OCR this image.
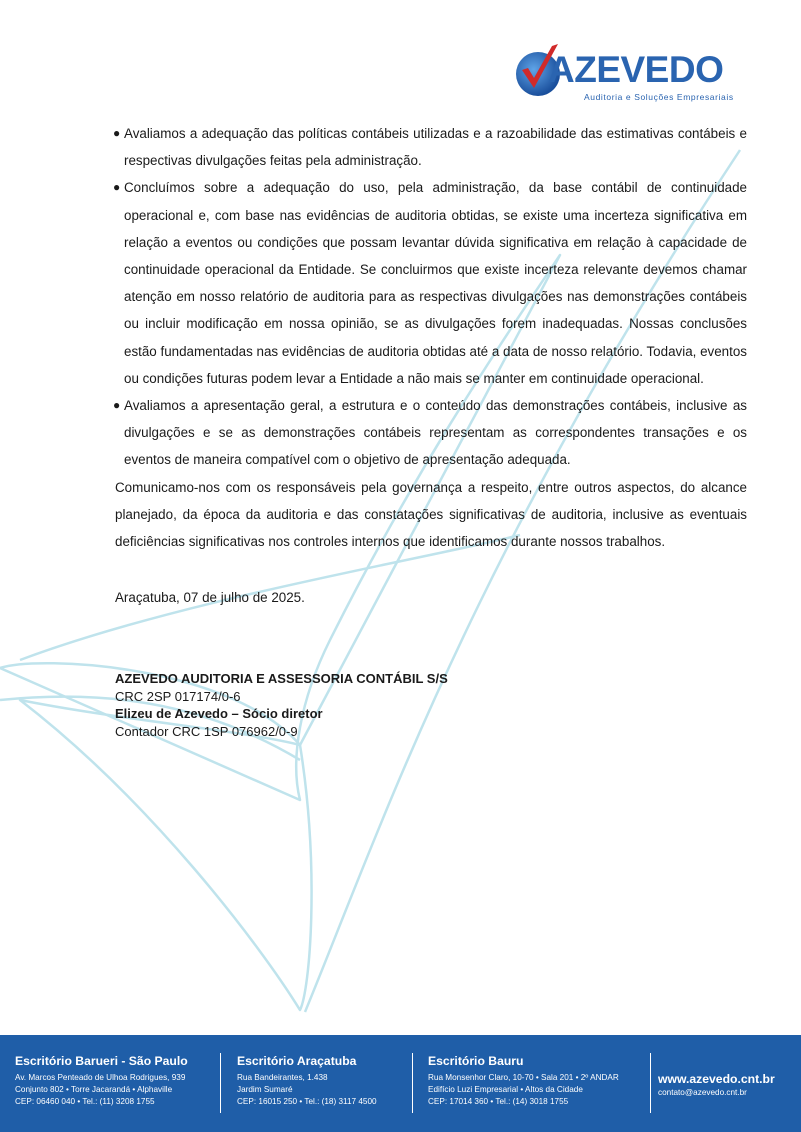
AZEVEDO
Auditoria e Soluções Empresariais
● Avaliamos a adequação das políticas contábeis utilizadas e a razoabilidade das estimativas contábeis e respectivas divulgações feitas pela administração.
● Concluímos sobre a adequação do uso, pela administração, da base contábil de continuidade operacional e, com base nas evidências de auditoria obtidas, se existe uma incerteza significativa em relação a eventos ou condições que possam levantar dúvida significativa em relação à capacidade de continuidade operacional da Entidade. Se concluirmos que existe incerteza relevante devemos chamar atenção em nosso relatório de auditoria para as respectivas divulgações nas demonstrações contábeis ou incluir modificação em nossa opinião, se as divulgações forem inadequadas. Nossas conclusões estão fundamentadas nas evidências de auditoria obtidas até a data de nosso relatório. Todavia, eventos ou condições futuras podem levar a Entidade a não mais se manter em continuidade operacional.
● Avaliamos a apresentação geral, a estrutura e o conteúdo das demonstrações contábeis, inclusive as divulgações e se as demonstrações contábeis representam as correspondentes transações e os eventos de maneira compatível com o objetivo de apresentação adequada.

Comunicamo-nos com os responsáveis pela governança a respeito, entre outros aspectos, do alcance planejado, da época da auditoria e das constatações significativas de auditoria, inclusive as eventuais deficiências significativas nos controles internos que identificamos durante nossos trabalhos.

Araçatuba, 07 de julho de 2025.
AZEVEDO AUDITORIA E ASSESSORIA CONTÁBIL S/S
CRC 2SP 017174/0-6
Elizeu de Azevedo – Sócio diretor
Contador CRC 1SP 076962/0-9
Escritório Barueri - São Paulo
Av. Marcos Penteado de Ulhoa Rodrigues, 939
Conjunto 802 • Torre Jacarandá • Alphaville
CEP: 06460 040 • Tel.: (11) 3208 1755
Escritório Araçatuba
Rua Bandeirantes, 1.438
Jardim Sumaré
CEP: 16015 250 • Tel.: (18) 3117 4500
Escritório Bauru
Rua Monsenhor Claro, 10-70 • Sala 201 • 2º ANDAR
Edifício Luzi Empresarial • Altos da Cidade
CEP: 17014 360 • Tel.: (14) 3018 1755
www.azevedo.cnt.br
contato@azevedo.cnt.br
